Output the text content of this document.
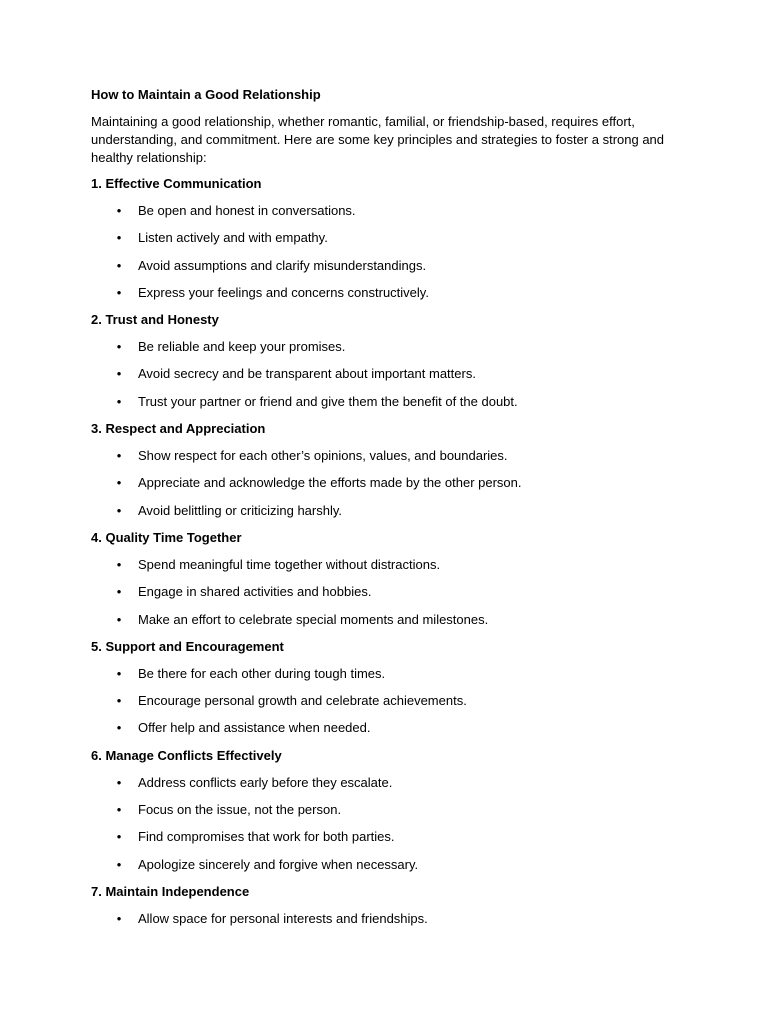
How to Maintain a Good Relationship

Maintaining a good relationship, whether romantic, familial, or friendship-based, requires effort, understanding, and commitment. Here are some key principles and strategies to foster a strong and healthy relationship:

1. Effective Communication

• Be open and honest in conversations.
• Listen actively and with empathy.
• Avoid assumptions and clarify misunderstandings.
• Express your feelings and concerns constructively.

2. Trust and Honesty

• Be reliable and keep your promises.
• Avoid secrecy and be transparent about important matters.
• Trust your partner or friend and give them the benefit of the doubt.

3. Respect and Appreciation

• Show respect for each other’s opinions, values, and boundaries.
• Appreciate and acknowledge the efforts made by the other person.
• Avoid belittling or criticizing harshly.

4. Quality Time Together

• Spend meaningful time together without distractions.
• Engage in shared activities and hobbies.
• Make an effort to celebrate special moments and milestones.

5. Support and Encouragement

• Be there for each other during tough times.
• Encourage personal growth and celebrate achievements.
• Offer help and assistance when needed.

6. Manage Conflicts Effectively

• Address conflicts early before they escalate.
• Focus on the issue, not the person.
• Find compromises that work for both parties.
• Apologize sincerely and forgive when necessary.

7. Maintain Independence

• Allow space for personal interests and friendships.
